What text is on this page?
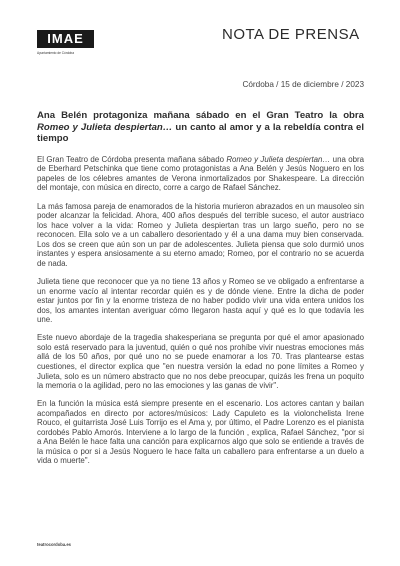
IMAE
Ayuntamiento de Córdoba
NOTA DE PRENSA
Córdoba / 15 de diciembre / 2023

Ana Belén protagoniza mañana sábado en el Gran Teatro la obra Romeo y Julieta despiertan… un canto al amor y a la rebeldía contra el tiempo

El Gran Teatro de Córdoba presenta mañana sábado Romeo y Julieta despiertan… una obra de Eberhard Petschinka que tiene como protagonistas a Ana Belén y Jesús Noguero en los papeles de los célebres amantes de Verona inmortalizados por Shakespeare. La dirección del montaje, con música en directo, corre a cargo de Rafael Sánchez.

La más famosa pareja de enamorados de la historia murieron abrazados en un mausoleo sin poder alcanzar la felicidad. Ahora, 400 años después del terrible suceso, el autor austriaco los hace volver a la vida: Romeo y Julieta despiertan tras un largo sueño, pero no se reconocen. Ella solo ve a un caballero desorientado y él a una dama muy bien conservada. Los dos se creen que aún son un par de adolescentes. Julieta piensa que solo durmió unos instantes y espera ansiosamente a su eterno amado; Romeo, por el contrario no se acuerda de nada.

Julieta tiene que reconocer que ya no tiene 13 años y Romeo se ve obligado a enfrentarse a un enorme vacío al intentar recordar quién es y de dónde viene. Entre la dicha de poder estar juntos por fin y la enorme tristeza de no haber podido vivir una vida entera unidos los dos, los amantes intentan averiguar cómo llegaron hasta aquí y qué es lo que todavía les une.

Este nuevo abordaje de la tragedia shakesperiana se pregunta por qué el amor apasionado solo está reservado para la juventud, quién o qué nos prohíbe vivir nuestras emociones más allá de los 50 años, por qué uno no se puede enamorar a los 70. Tras plantearse estas cuestiones, el director explica que "en nuestra versión la edad no pone límites a Romeo y Julieta, solo es un número abstracto que no nos debe preocupar, quizás les frena un poquito la memoria o la agilidad, pero no las emociones y las ganas de vivir".

En la función la música está siempre presente en el escenario. Los actores cantan y bailan acompañados en directo por actores/músicos: Lady Capuleto es la violonchelista Irene Rouco, el guitarrista José Luis Torrijo es el Ama y, por último, el Padre Lorenzo es el pianista cordobés Pablo Amorós. Interviene a lo largo de la función , explica, Rafael Sánchez, "por si a Ana Belén le hace falta una canción para explicarnos algo que solo se entiende a través de la música o por si a Jesús Noguero le hace falta un caballero para enfrentarse a un duelo a vida o muerte".

teatrocordoba.es
